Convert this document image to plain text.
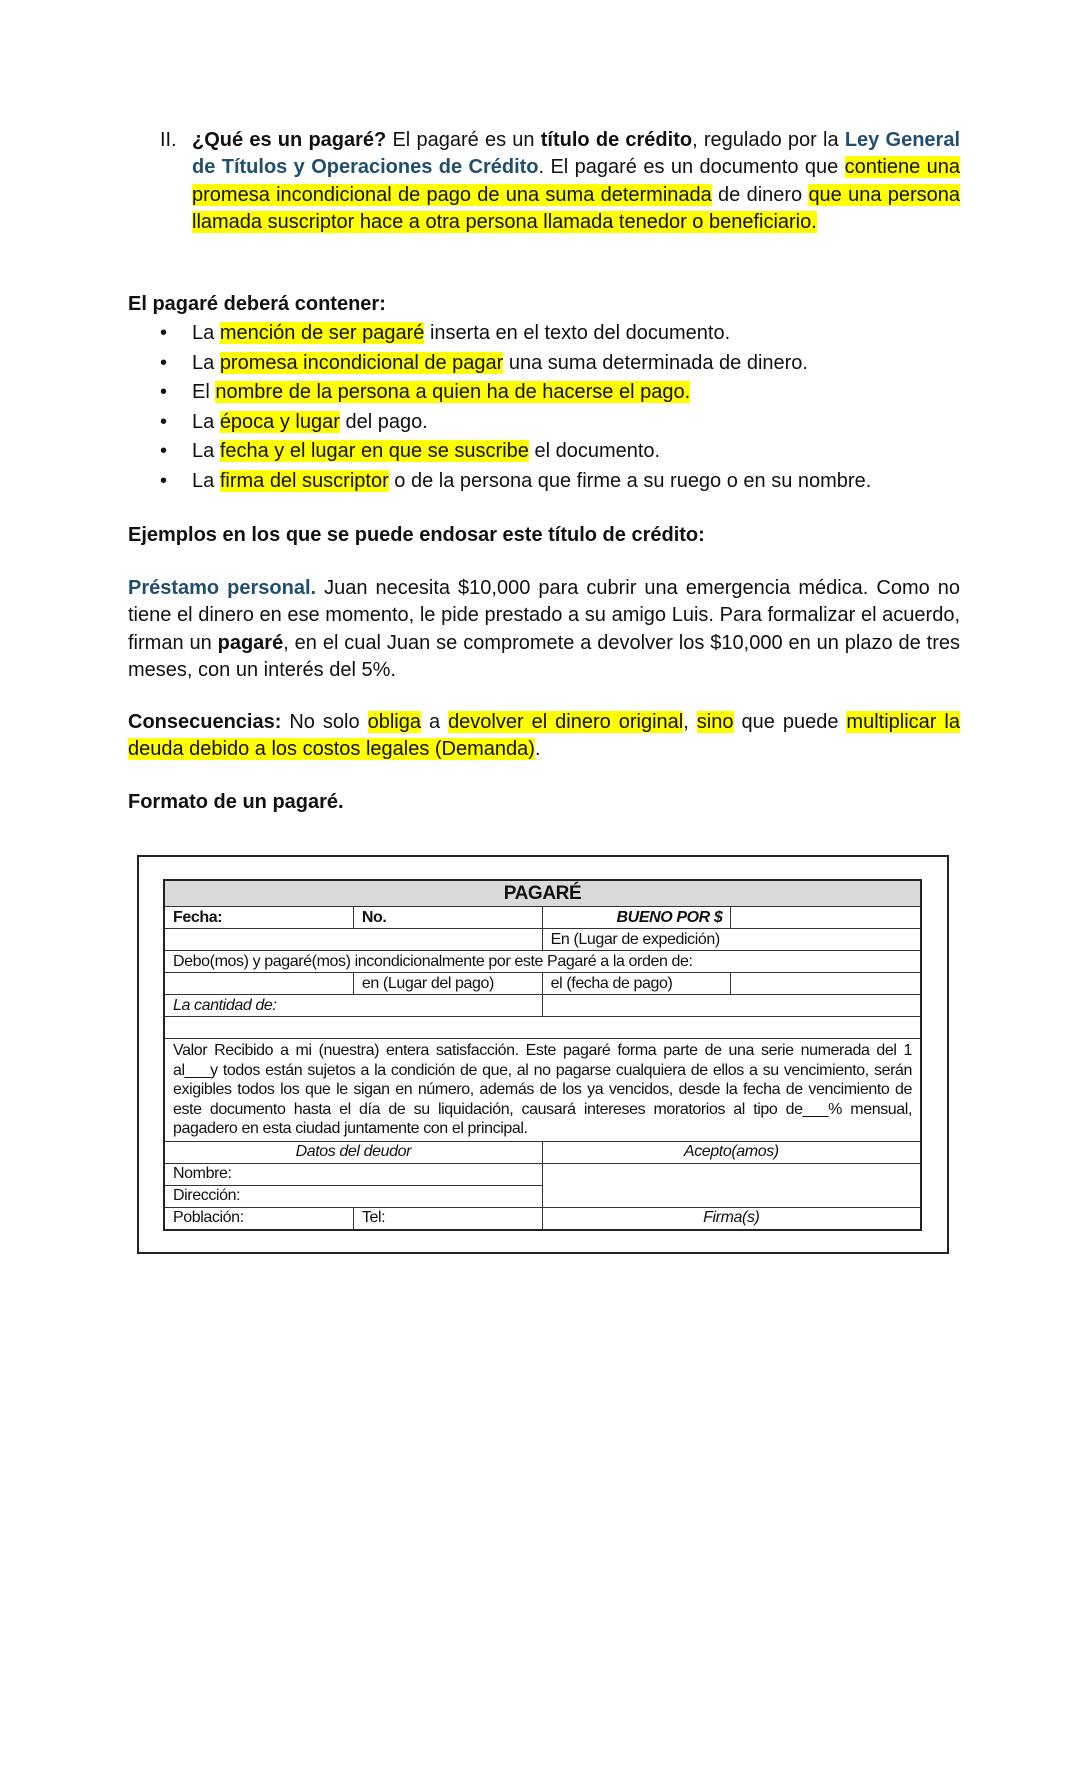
II. ¿Qué es un pagaré? El pagaré es un título de crédito, regulado por la Ley General de Títulos y Operaciones de Crédito. El pagaré es un documento que contiene una promesa incondicional de pago de una suma determinada de dinero que una persona llamada suscriptor hace a otra persona llamada tenedor o beneficiario.
El pagaré deberá contener:
• La mención de ser pagaré inserta en el texto del documento.
• La promesa incondicional de pagar una suma determinada de dinero.
• El nombre de la persona a quien ha de hacerse el pago.
• La época y lugar del pago.
• La fecha y el lugar en que se suscribe el documento.
• La firma del suscriptor o de la persona que firme a su ruego o en su nombre.
Ejemplos en los que se puede endosar este título de crédito:
Préstamo personal. Juan necesita $10,000 para cubrir una emergencia médica. Como no tiene el dinero en ese momento, le pide prestado a su amigo Luis. Para formalizar el acuerdo, firman un pagaré, en el cual Juan se compromete a devolver los $10,000 en un plazo de tres meses, con un interés del 5%.
Consecuencias: No solo obliga a devolver el dinero original, sino que puede multiplicar la deuda debido a los costos legales (Demanda).
Formato de un pagaré.
PAGARÉ			
Fecha:	No.	BUENO POR $	
		En (Lugar de expedición)	
Debo(mos) y pagaré(mos) incondicionalmente por este Pagaré a la orden de:			
	en (Lugar del pago)	el (fecha de pago)	
La cantidad de:			

Valor Recibido a mi (nuestra) entera satisfacción. Este pagaré forma parte de una serie numerada del 1 al___y todos están sujetos a la condición de que, al no pagarse cualquiera de ellos a su vencimiento, serán exigibles todos los que le sigan en número, además de los ya vencidos, desde la fecha de vencimiento de este documento hasta el día de su liquidación, causará intereses moratorios al tipo de___% mensual, pagadero en esta ciudad juntamente con el principal.			
Datos del deudor		Acepto(amos)	
Nombre:			
Dirección:			
Población:	Tel:	Firma(s)	
